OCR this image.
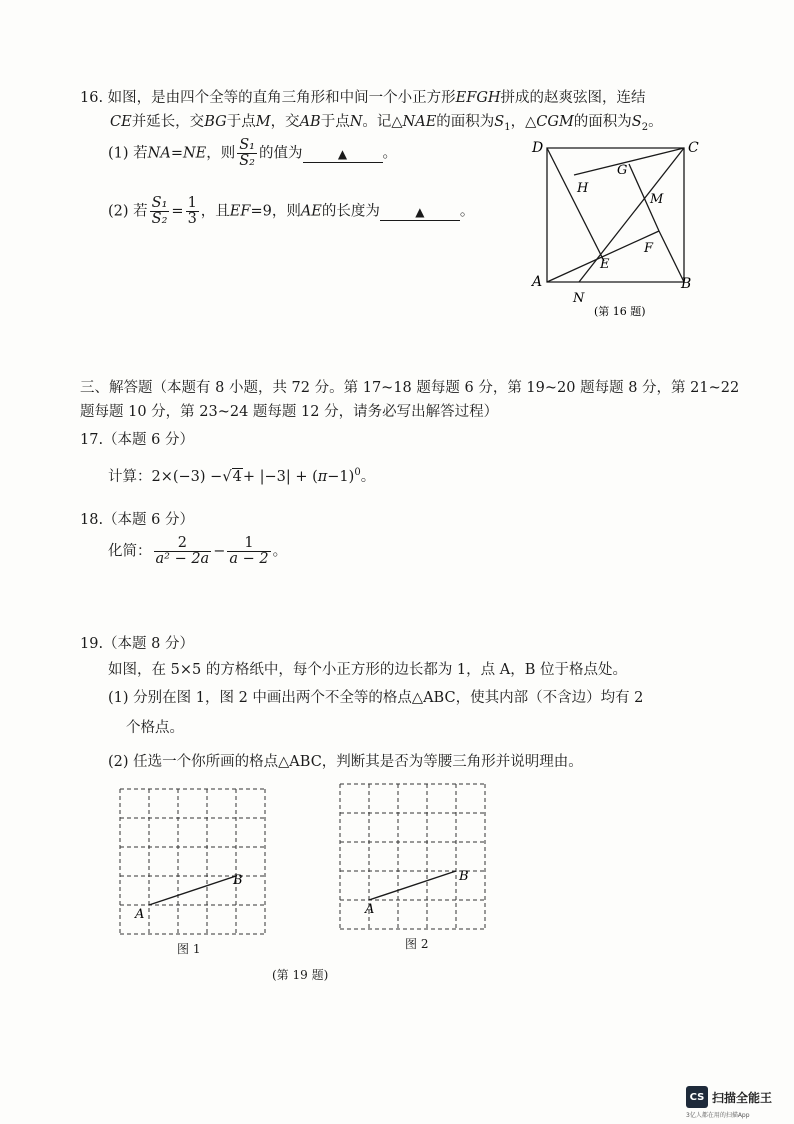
16. 如图，是由四个全等的直角三角形和中间一个小正方形EFGH拼成的赵爽弦图，连结
CE并延长，交BG于点M，交AB于点N。记△NAE的面积为$S_1$，△CGM的面积为$S_2$。
(1) 若NA=NE，则 $\frac{\text{S₁}}{\text{S₂}}$ 的值为	▲ 。
(2) 若 $\frac{\text{S₁}}{\text{S₂}} = \frac{1}{3}$ ，且EF=9，则AE的长度为	▲ 。
D	C
H
G
M
F
E
A
N
B
(第 16 题)
三、解答题（本题有 8 小题，共 72 分。第 17~18 题每题 6 分，第 19~20 题每题 8 分，第 21~22
题每题 10 分，第 23~24 题每题 12 分，请务必写出解答过程）
17.（本题 6 分）
计算：$2\times(-3) -√4+ |-3| + (\pi-1)^0$。
18.（本题 6 分）
化简： $\frac{2}{\text{a² − 2a}} - \frac{1}{a - 2}$ 。
19.（本题 8 分）
如图，在 5×5 的方格纸中，每个小正方形的边长都为 1，点 A，B 位于格点处。
(1) 分别在图 1，图 2 中画出两个不全等的格点△ABC，使其内部（不含边）均有 2
个格点。
(2) 任选一个你所画的格点△ABC，判断其是否为等腰三角形并说明理由。
A
B
图 1
A
B
图 2
(第 19 题)
CS 扫描全能王
3亿人都在用的扫描App
